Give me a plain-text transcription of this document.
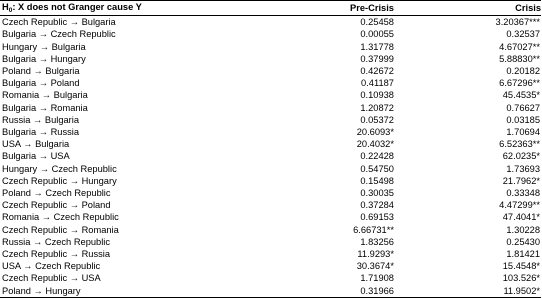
$H_0$: X does not Granger cause Y	Pre-Crisis	Crisis
Czech Republic → Bulgaria	0.25458	3.20367***
Bulgaria → Czech Republic	0.00055	0.32537
Hungary → Bulgaria	1.31778	4.67027**
Bulgaria → Hungary	0.37999	5.88830**
Poland → Bulgaria	0.42672	0.20182
Bulgaria → Poland	0.41187	6.67296**
Romania → Bulgaria	0.10938	45.4535*
Bulgaria → Romania	1.20872	0.76627
Russia → Bulgaria	0.05372	0.03185
Bulgaria → Russia	20.6093*	1.70694
USA → Bulgaria	20.4032*	6.52363**
Bulgaria → USA	0.22428	62.0235*
Hungary → Czech Republic	0.54750	1.73693
Czech Republic → Hungary	0.15498	21.7962*
Poland → Czech Republic	0.30035	0.33348
Czech Republic → Poland	0.37284	4.47299**
Romania → Czech Republic	0.69153	47.4041*
Czech Republic → Romania	6.66731**	1.30228
Russia → Czech Republic	1.83256	0.25430
Czech Republic → Russia	11.9293*	1.81421
USA → Czech Republic	30.3674*	15.4548*
Czech Republic → USA	1.71908	103.526*
Poland → Hungary	0.31966	11.9502*
